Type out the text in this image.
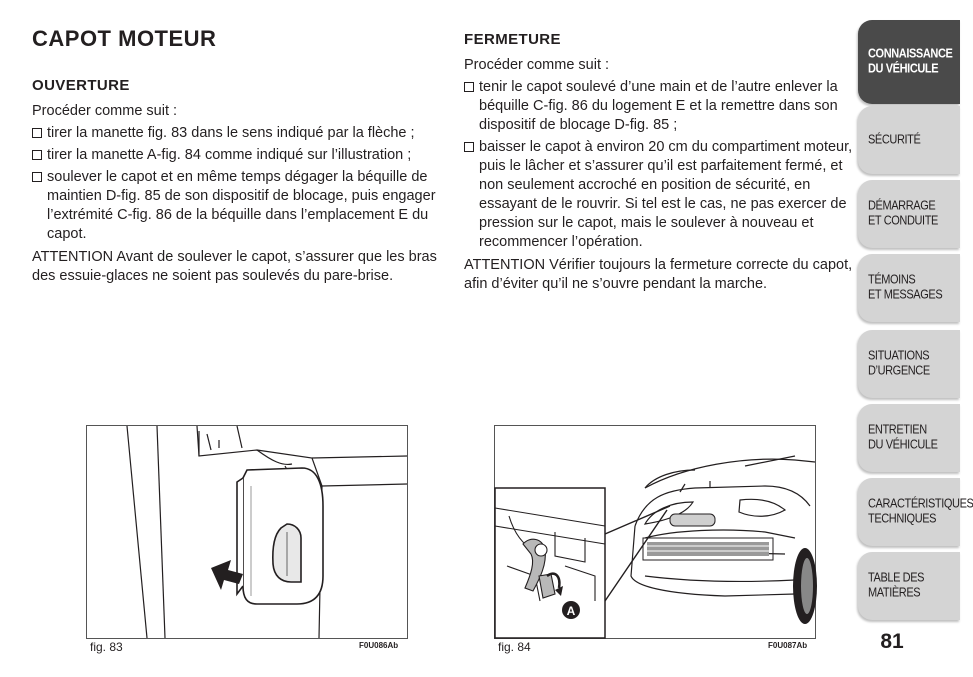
CAPOT MOTEUR
OUVERTURE

Procéder comme suit :

tirer la manette fig. 83 dans le sens indiqué par la flèche ;
tirer la manette A-fig. 84 comme indiqué sur l’illustration ;
soulever le capot et en même temps dégager la béquille de maintien D-fig. 85 de son dispositif de blocage, puis engager l’extrémité C-fig. 86 de la béquille dans l’emplacement E du capot.

ATTENTION Avant de soulever le capot, s’assurer que les bras des essuie-glaces ne soient pas soulevés du pare-brise.

FERMETURE

Procéder comme suit :

tenir le capot soulevé d’une main et de l’autre enlever la béquille C-fig. 86 du logement E et la remettre dans son dispositif de blocage D-fig. 85 ;
baisser le capot à environ 20 cm du compartiment moteur, puis le lâcher et s’assurer qu’il est parfaitement fermé, et non seulement accroché en position de sécurité, en essayant de le rouvrir. Si tel est le cas, ne pas exercer de pression sur le capot, mais le soulever à nouveau et recommencer l’opération.

ATTENTION Vérifier toujours la fermeture correcte du capot, afin d’éviter qu’il ne s’ouvre pendant la marche.

fig. 83	F0U086Ab
A
fig. 84	F0U087Ab
CONNAISSANCE
DU VÉHICULE
SÉCURITÉ
DÉMARRAGE
ET CONDUITE
TÉMOINS
ET MESSAGES
SITUATIONS
D’URGENCE
ENTRETIEN
DU VÉHICULE
CARACTÉRISTIQUES
TECHNIQUES
TABLE DES
MATIÈRES
81
